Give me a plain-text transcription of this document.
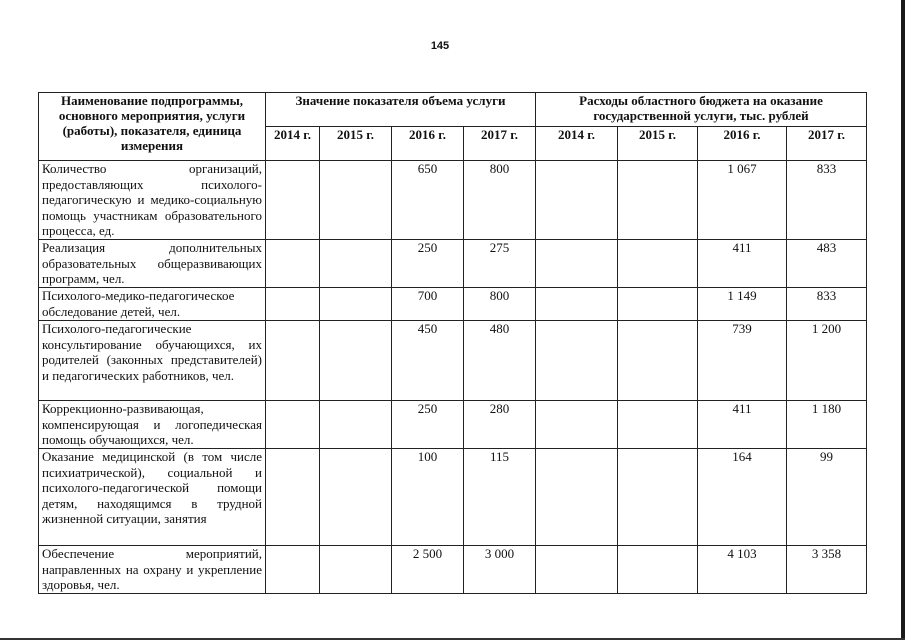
145
Наименование подпрограммы, основного мероприятия, услуги (работы), показателя, единица измерения	Значение показателя объема услуги				Расходы областного бюджета на оказание государственной услуги, тыс. рублей			
	2014 г.	2015 г.	2016 г.	2017 г.	2014 г.	2015 г.	2016 г.	2017 г.
Количество организаций, предоставляющих психолого-педагогическую и медико-социальную помощь участникам образовательного процесса, ед.			650	800			1 067	833
Реализация дополнительных образовательных общеразвивающих программ, чел.			250	275			411	483
Психолого-медико-педагогическое обследование детей, чел.			700	800			1 149	833
Психолого-педагогические консультирование обучающихся, их родителей (законных представителей) и педагогических работников, чел.			450	480			739	1 200
Коррекционно-развивающая, компенсирующая и логопедическая помощь обучающихся, чел.			250	280			411	1 180
Оказание медицинской (в том числе психиатрической), социальной и психолого-педагогической помощи детям, находящимся в трудной жизненной ситуации, занятия			100	115			164	99
Обеспечение мероприятий, направленных на охрану и укрепление здоровья, чел.			2 500	3 000			4 103	3 358
